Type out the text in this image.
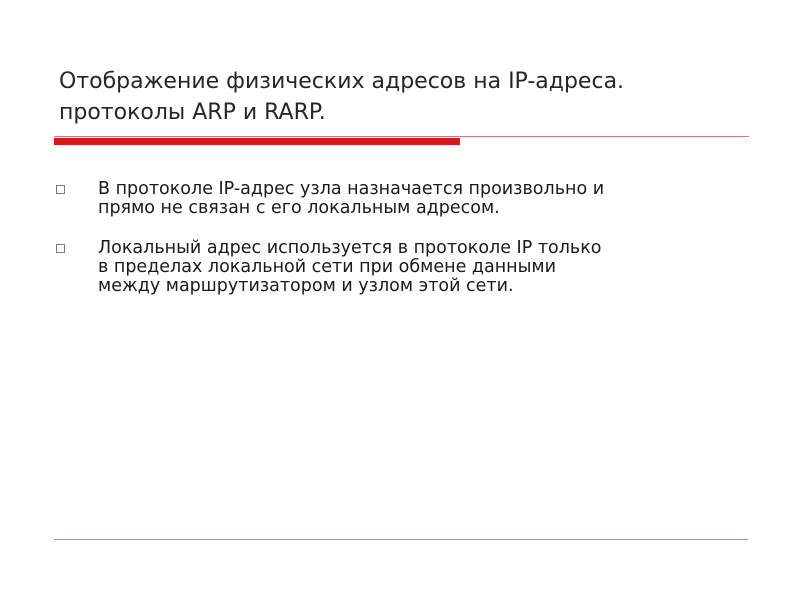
Отображение физических адресов на IP-адреса.
протоколы ARP и RARP.
В протоколе IP-адрес узла назначается произвольно и
прямо не связан с его локальным адресом.
Локальный адрес используется в протоколе IP только
в пределах локальной сети при обмене данными
между маршрутизатором и узлом этой сети.
